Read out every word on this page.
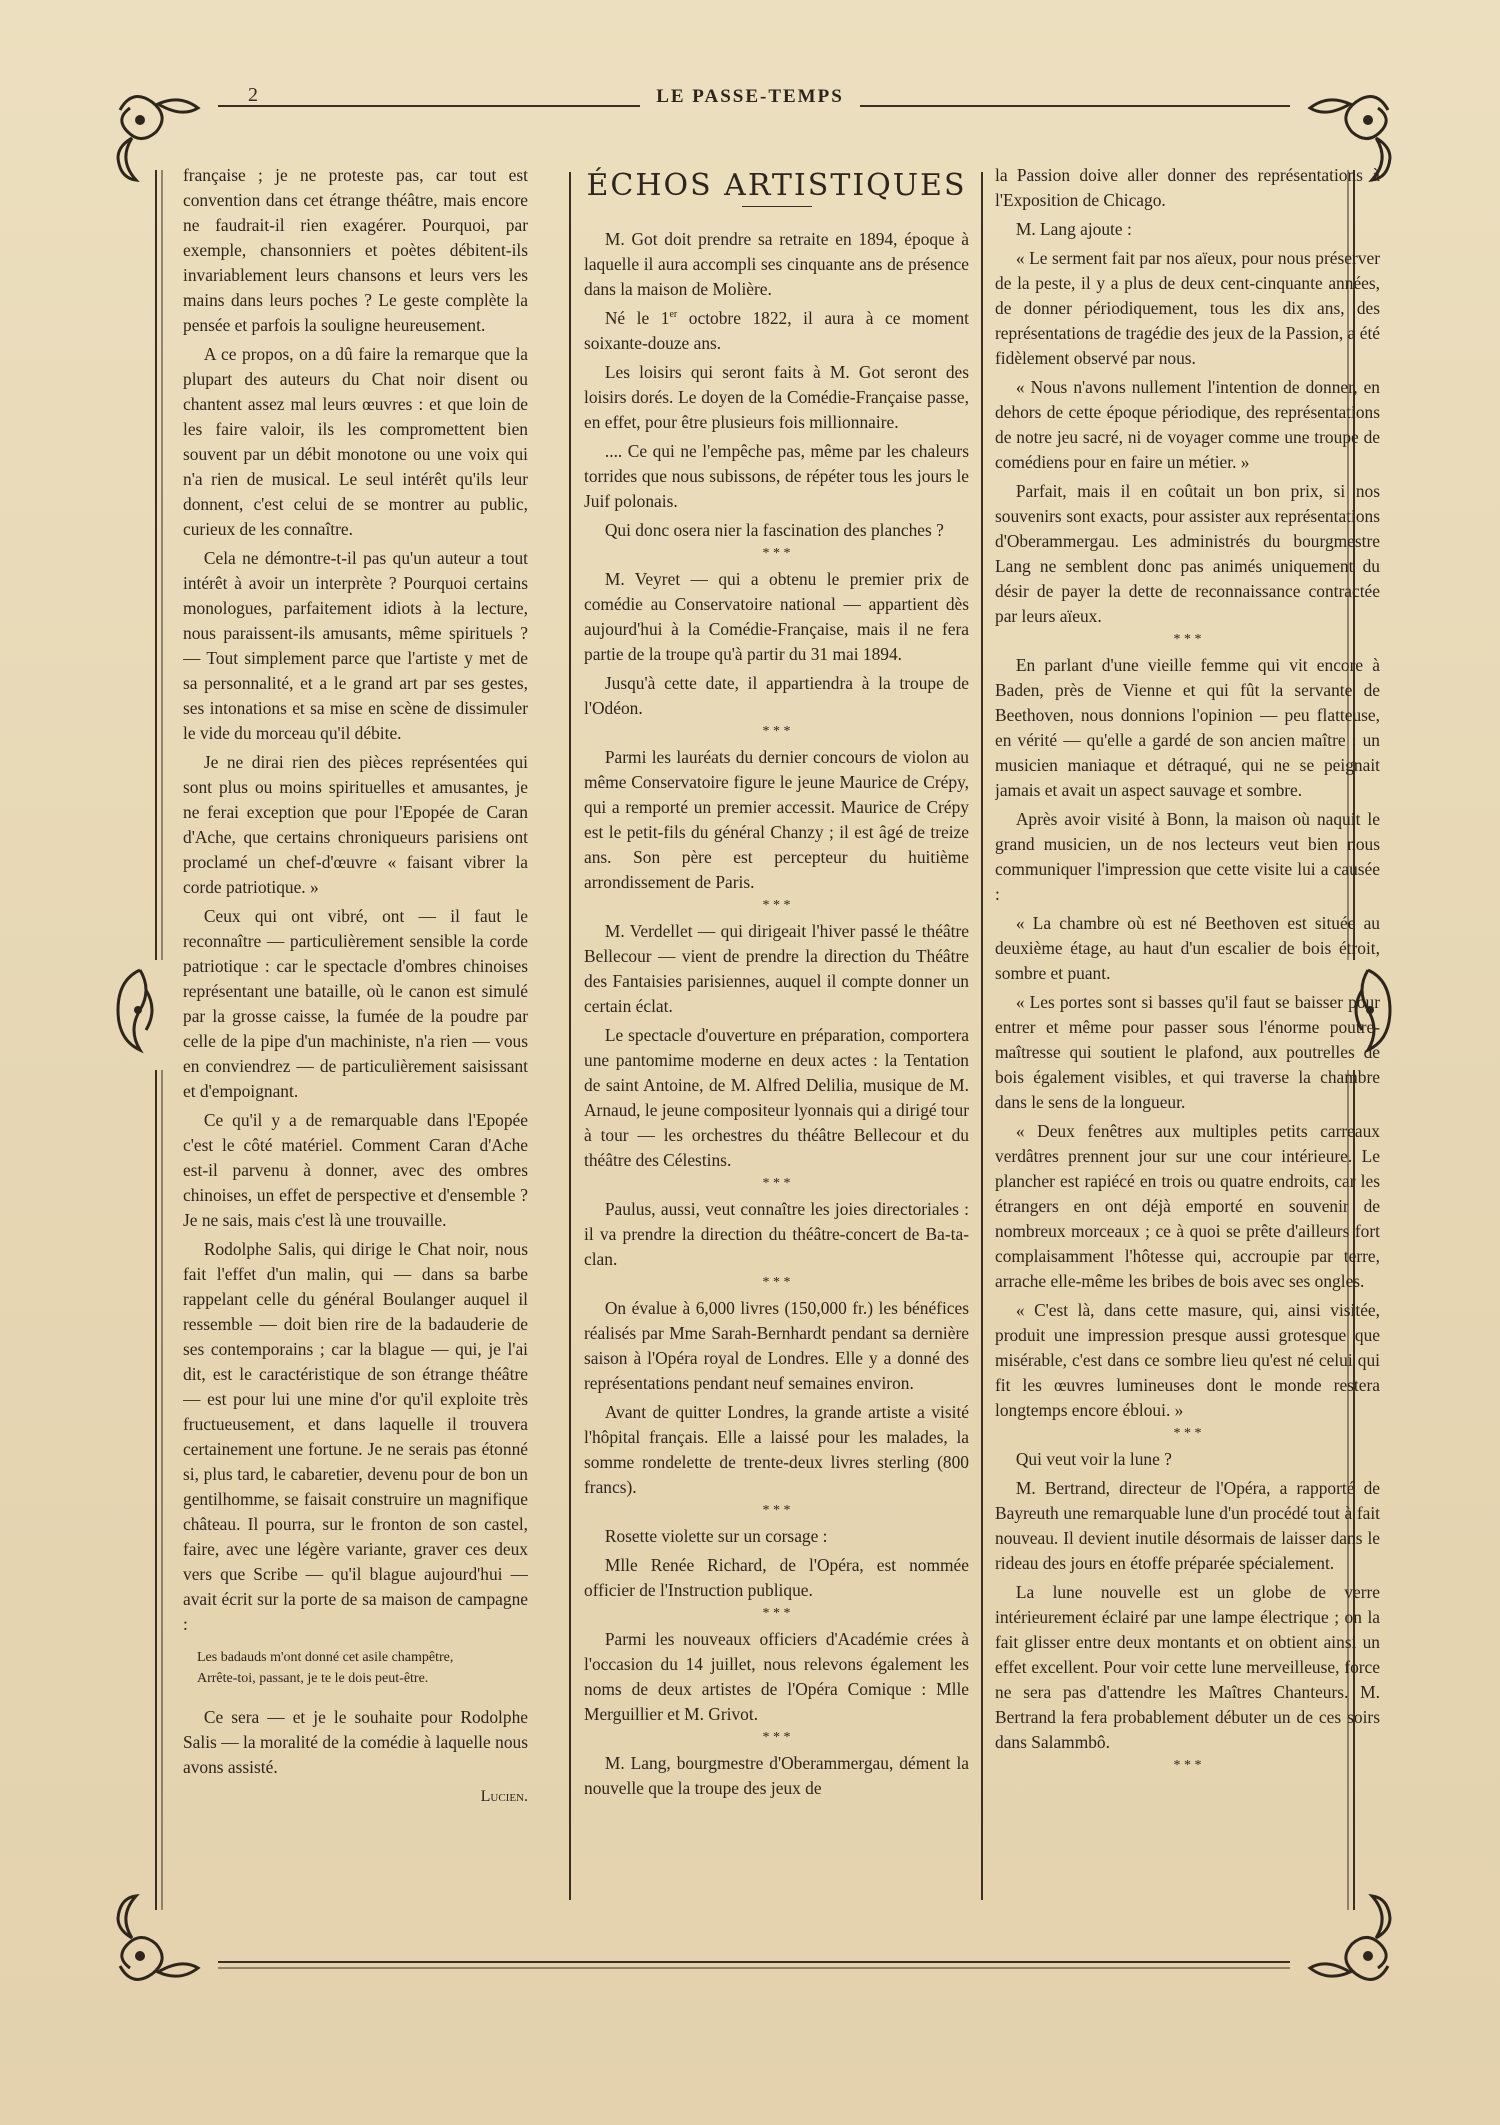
2	LE PASSE-TEMPS

française ; je ne proteste pas, car tout est convention dans cet étrange théâtre, mais encore ne faudrait-il rien exagérer. Pourquoi, par exemple, chansonniers et poètes débitent-ils invariablement leurs chansons et leurs vers les mains dans leurs poches ? Le geste complète la pensée et parfois la souligne heureusement.

A ce propos, on a dû faire la remarque que la plupart des auteurs du Chat noir disent ou chantent assez mal leurs œuvres : et que loin de les faire valoir, ils les compromettent bien souvent par un débit monotone ou une voix qui n'a rien de musical. Le seul intérêt qu'ils leur donnent, c'est celui de se montrer au public, curieux de les connaître.

Cela ne démontre-t-il pas qu'un auteur a tout intérêt à avoir un interprète ? Pourquoi certains monologues, parfaitement idiots à la lecture, nous paraissent-ils amusants, même spirituels ? — Tout simplement parce que l'artiste y met de sa personnalité, et a le grand art par ses gestes, ses intonations et sa mise en scène de dissimuler le vide du morceau qu'il débite.

Je ne dirai rien des pièces représentées qui sont plus ou moins spirituelles et amusantes, je ne ferai exception que pour l'Epopée de Caran d'Ache, que certains chroniqueurs parisiens ont proclamé un chef-d'œuvre « faisant vibrer la corde patriotique. »

Ceux qui ont vibré, ont — il faut le reconnaître — particulièrement sensible la corde patriotique : car le spectacle d'ombres chinoises représentant une bataille, où le canon est simulé par la grosse caisse, la fumée de la poudre par celle de la pipe d'un machiniste, n'a rien — vous en conviendrez — de particulièrement saisissant et d'empoignant.

Ce qu'il y a de remarquable dans l'Epopée c'est le côté matériel. Comment Caran d'Ache est-il parvenu à donner, avec des ombres chinoises, un effet de perspective et d'ensemble ? Je ne sais, mais c'est là une trouvaille.

Rodolphe Salis, qui dirige le Chat noir, nous fait l'effet d'un malin, qui — dans sa barbe rappelant celle du général Boulanger auquel il ressemble — doit bien rire de la badauderie de ses contemporains ; car la blague — qui, je l'ai dit, est le caractéristique de son étrange théâtre — est pour lui une mine d'or qu'il exploite très fructueusement, et dans laquelle il trouvera certainement une fortune. Je ne serais pas étonné si, plus tard, le cabaretier, devenu pour de bon un gentilhomme, se faisait construire un magnifique château. Il pourra, sur le fronton de son castel, faire, avec une légère variante, graver ces deux vers que Scribe — qu'il blague aujourd'hui — avait écrit sur la porte de sa maison de campagne :

Les badauds m'ont donné cet asile champêtre,
Arrête-toi, passant, je te le dois peut-être.

Ce sera — et je le souhaite pour Rodolphe Salis — la moralité de la comédie à laquelle nous avons assisté.

Lucien.

ÉCHOS ARTISTIQUES

M. Got doit prendre sa retraite en 1894, époque à laquelle il aura accompli ses cinquante ans de présence dans la maison de Molière.

Né le 1er octobre 1822, il aura à ce moment soixante-douze ans.

Les loisirs qui seront faits à M. Got seront des loisirs dorés. Le doyen de la Comédie-Française passe, en effet, pour être plusieurs fois millionnaire.

.... Ce qui ne l'empêche pas, même par les chaleurs torrides que nous subissons, de répéter tous les jours le Juif polonais.

Qui donc osera nier la fascination des planches ?

* * *

M. Veyret — qui a obtenu le premier prix de comédie au Conservatoire national — appartient dès aujourd'hui à la Comédie-Française, mais il ne fera partie de la troupe qu'à partir du 31 mai 1894.

Jusqu'à cette date, il appartiendra à la troupe de l'Odéon.

* * *

Parmi les lauréats du dernier concours de violon au même Conservatoire figure le jeune Maurice de Crépy, qui a remporté un premier accessit. Maurice de Crépy est le petit-fils du général Chanzy ; il est âgé de treize ans. Son père est percepteur du huitième arrondissement de Paris.

* * *

M. Verdellet — qui dirigeait l'hiver passé le théâtre Bellecour — vient de prendre la direction du Théâtre des Fantaisies parisiennes, auquel il compte donner un certain éclat.

Le spectacle d'ouverture en préparation, comportera une pantomime moderne en deux actes : la Tentation de saint Antoine, de M. Alfred Delilia, musique de M. Arnaud, le jeune compositeur lyonnais qui a dirigé tour à tour — les orchestres du théâtre Bellecour et du théâtre des Célestins.

* * *

Paulus, aussi, veut connaître les joies directoriales : il va prendre la direction du théâtre-concert de Ba-ta-clan.

* * *

On évalue à 6,000 livres (150,000 fr.) les bénéfices réalisés par Mme Sarah-Bernhardt pendant sa dernière saison à l'Opéra royal de Londres. Elle y a donné des représentations pendant neuf semaines environ.

Avant de quitter Londres, la grande artiste a visité l'hôpital français. Elle a laissé pour les malades, la somme rondelette de trente-deux livres sterling (800 francs).

* * *

Rosette violette sur un corsage :

Mlle Renée Richard, de l'Opéra, est nommée officier de l'Instruction publique.

* * *

Parmi les nouveaux officiers d'Académie crées à l'occasion du 14 juillet, nous relevons également les noms de deux artistes de l'Opéra Comique : Mlle Merguillier et M. Grivot.

* * *

M. Lang, bourgmestre d'Oberammergau, dément la nouvelle que la troupe des jeux de

la Passion doive aller donner des représentations à l'Exposition de Chicago.

M. Lang ajoute :

« Le serment fait par nos aïeux, pour nous préserver de la peste, il y a plus de deux cent-cinquante années, de donner périodiquement, tous les dix ans, des représentations de tragédie des jeux de la Passion, a été fidèlement observé par nous.

« Nous n'avons nullement l'intention de donner, en dehors de cette époque périodique, des représentations de notre jeu sacré, ni de voyager comme une troupe de comédiens pour en faire un métier. »

Parfait, mais il en coûtait un bon prix, si nos souvenirs sont exacts, pour assister aux représentations d'Oberammergau. Les administrés du bourgmestre Lang ne semblent donc pas animés uniquement du désir de payer la dette de reconnaissance contractée par leurs aïeux.

* * *

En parlant d'une vieille femme qui vit encore à Baden, près de Vienne et qui fût la servante de Beethoven, nous donnions l'opinion — peu flatteuse, en vérité — qu'elle a gardé de son ancien maître : un musicien maniaque et détraqué, qui ne se peignait jamais et avait un aspect sauvage et sombre.

Après avoir visité à Bonn, la maison où naquit le grand musicien, un de nos lecteurs veut bien nous communiquer l'impression que cette visite lui a causée :

« La chambre où est né Beethoven est située au deuxième étage, au haut d'un escalier de bois étroit, sombre et puant.

« Les portes sont si basses qu'il faut se baisser pour entrer et même pour passer sous l'énorme poutre-maîtresse qui soutient le plafond, aux poutrelles de bois également visibles, et qui traverse la chambre dans le sens de la longueur.

« Deux fenêtres aux multiples petits carreaux verdâtres prennent jour sur une cour intérieure. Le plancher est rapiécé en trois ou quatre endroits, car les étrangers en ont déjà emporté en souvenir de nombreux morceaux ; ce à quoi se prête d'ailleurs fort complaisamment l'hôtesse qui, accroupie par terre, arrache elle-même les bribes de bois avec ses ongles.

« C'est là, dans cette masure, qui, ainsi visitée, produit une impression presque aussi grotesque que misérable, c'est dans ce sombre lieu qu'est né celui qui fit les œuvres lumineuses dont le monde restera longtemps encore ébloui. »

* * *

Qui veut voir la lune ?

M. Bertrand, directeur de l'Opéra, a rapporté de Bayreuth une remarquable lune d'un procédé tout à fait nouveau. Il devient inutile désormais de laisser dans le rideau des jours en étoffe préparée spécialement.

La lune nouvelle est un globe de verre intérieurement éclairé par une lampe électrique ; on la fait glisser entre deux montants et on obtient ainsi un effet excellent. Pour voir cette lune merveilleuse, force ne sera pas d'attendre les Maîtres Chanteurs. M. Bertrand la fera probablement débuter un de ces soirs dans Salammbô.

* * *
